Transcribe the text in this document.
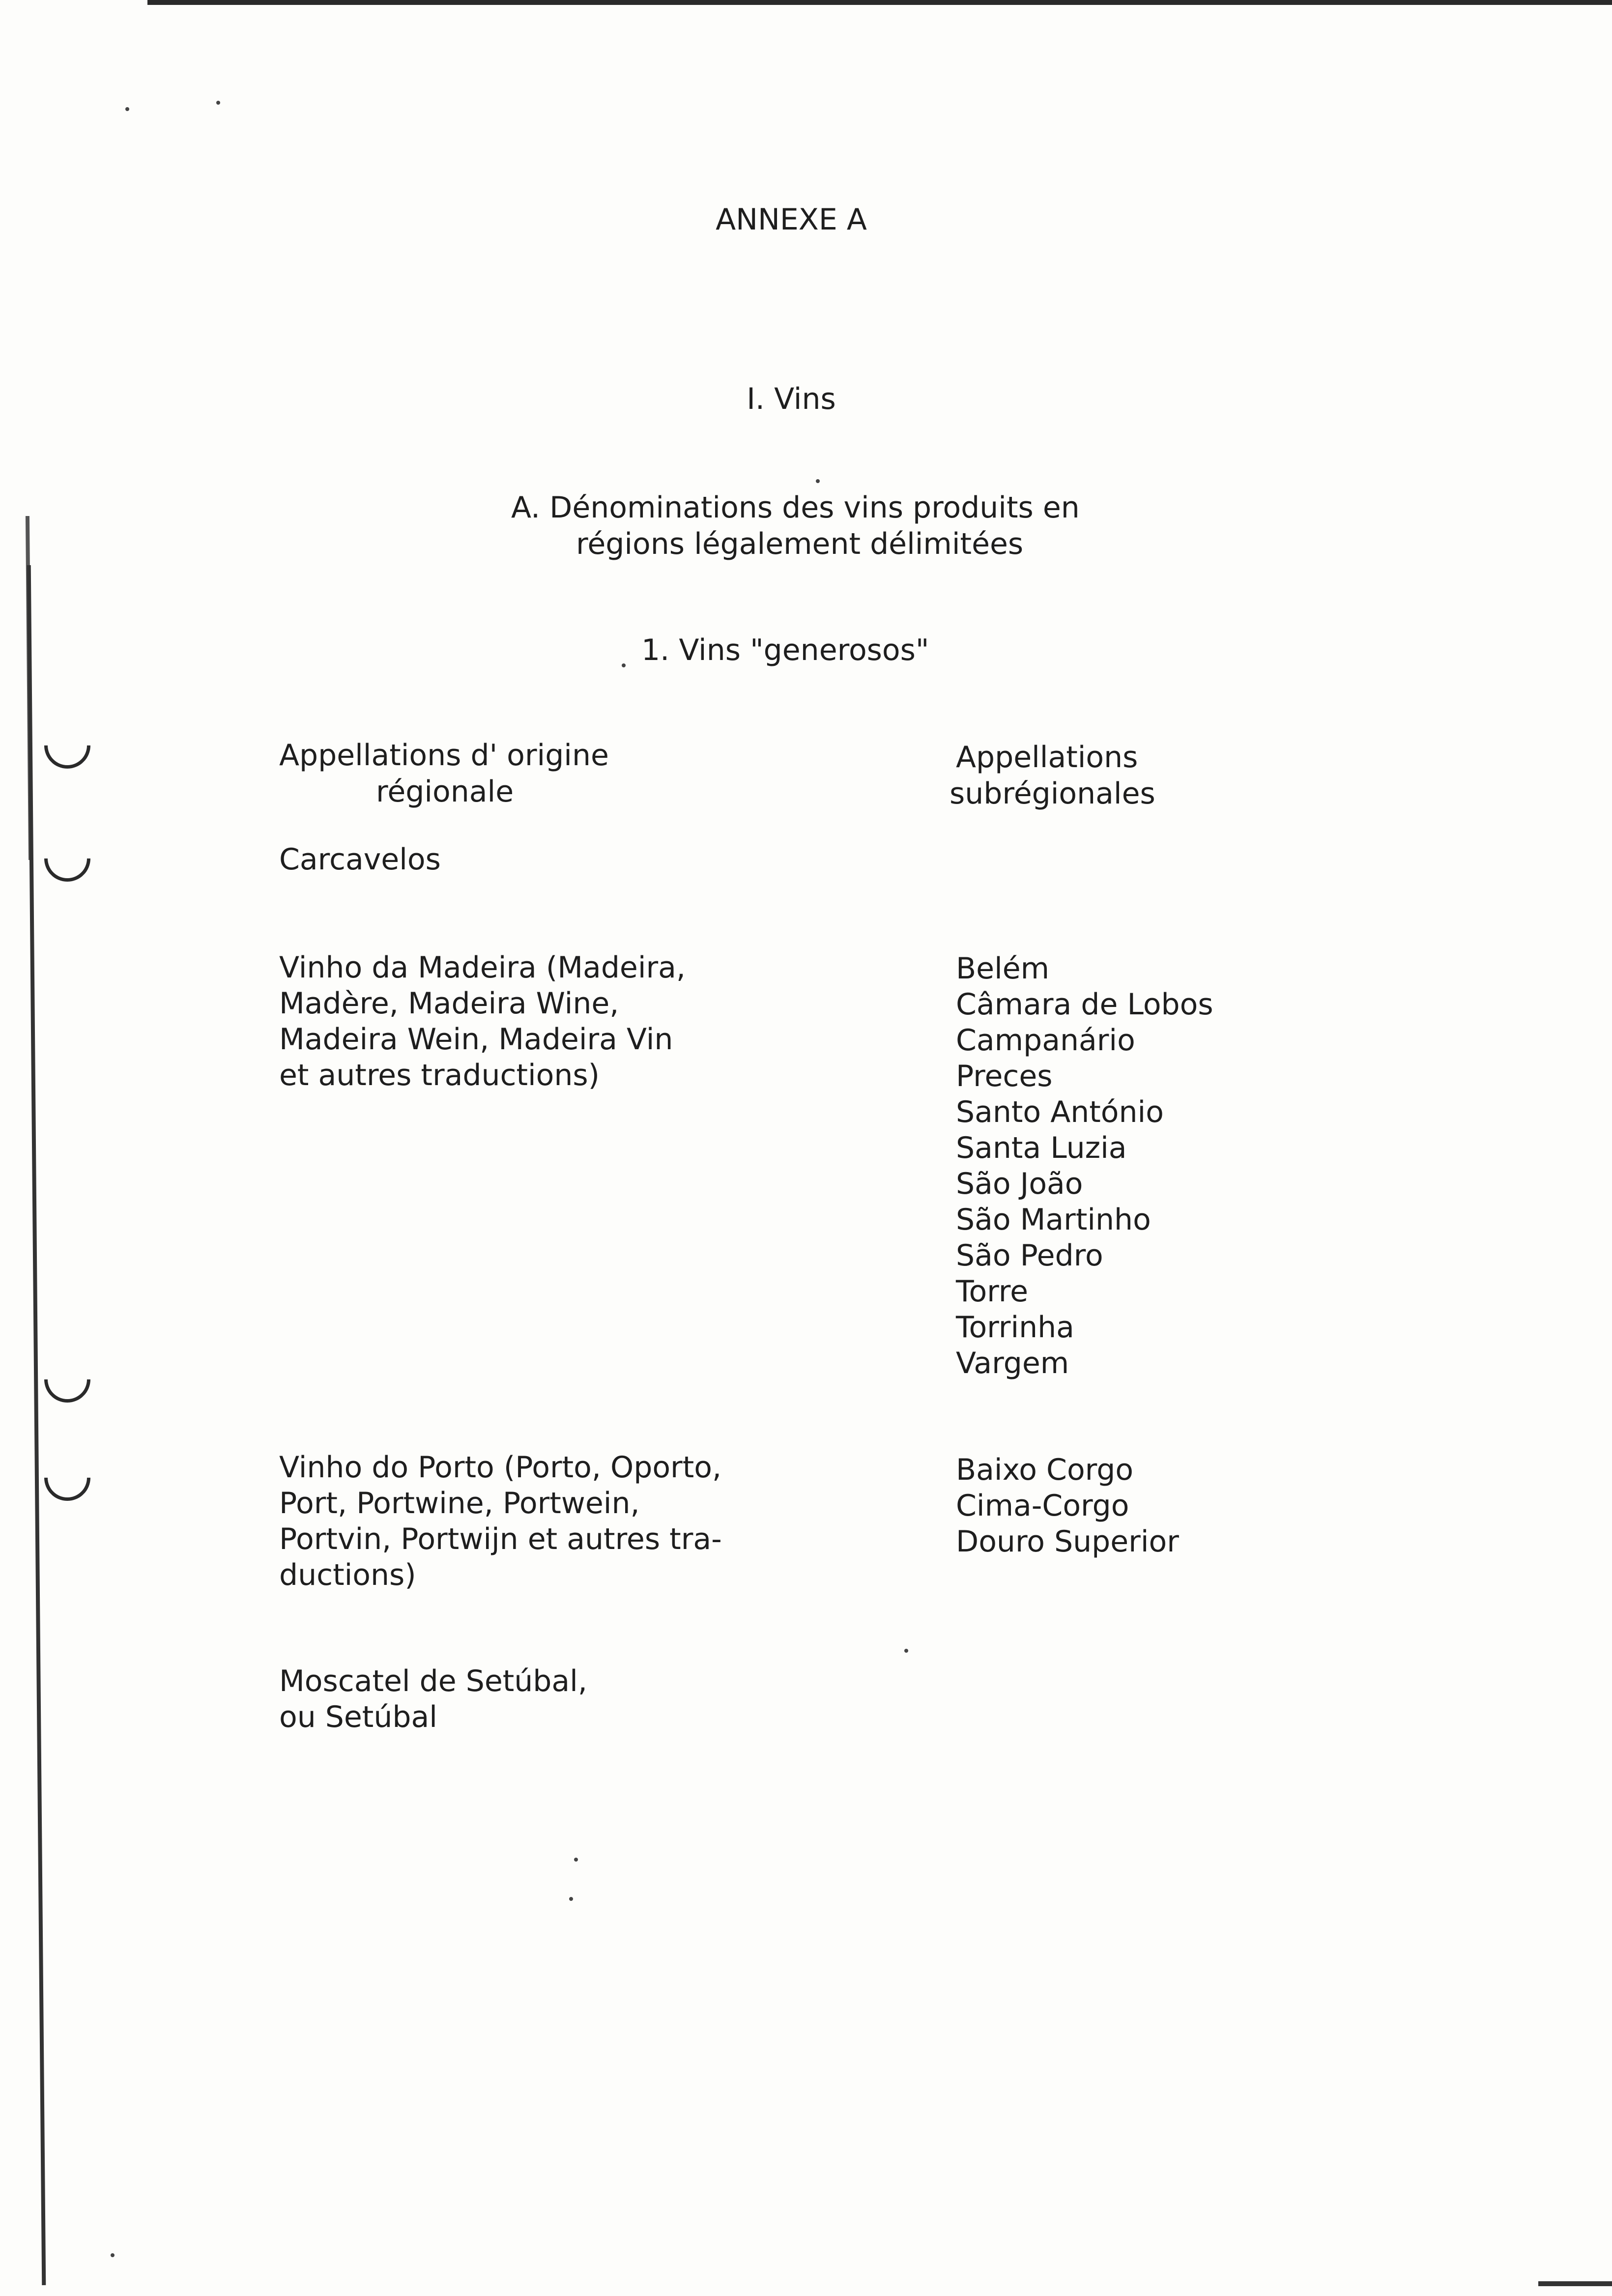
ANNEXE A
I. Vins
A. Dénominations des vins produits en
régions légalement délimitées
1. Vins "generosos"
Appellations d' origine
régionale
Appellations
subrégionales
Carcavelos
Vinho da Madeira (Madeira,
Madère, Madeira Wine,
Madeira Wein, Madeira Vin
et autres traductions)
Belém
Câmara de Lobos
Campanário
Preces
Santo António
Santa Luzia
São João
São Martinho
São Pedro
Torre
Torrinha
Vargem
Vinho do Porto (Porto, Oporto,
Port, Portwine, Portwein,
Portvin, Portwijn et autres tra-
ductions)
Baixo Corgo
Cima-Corgo
Douro Superior
Moscatel de Setúbal,
ou Setúbal
